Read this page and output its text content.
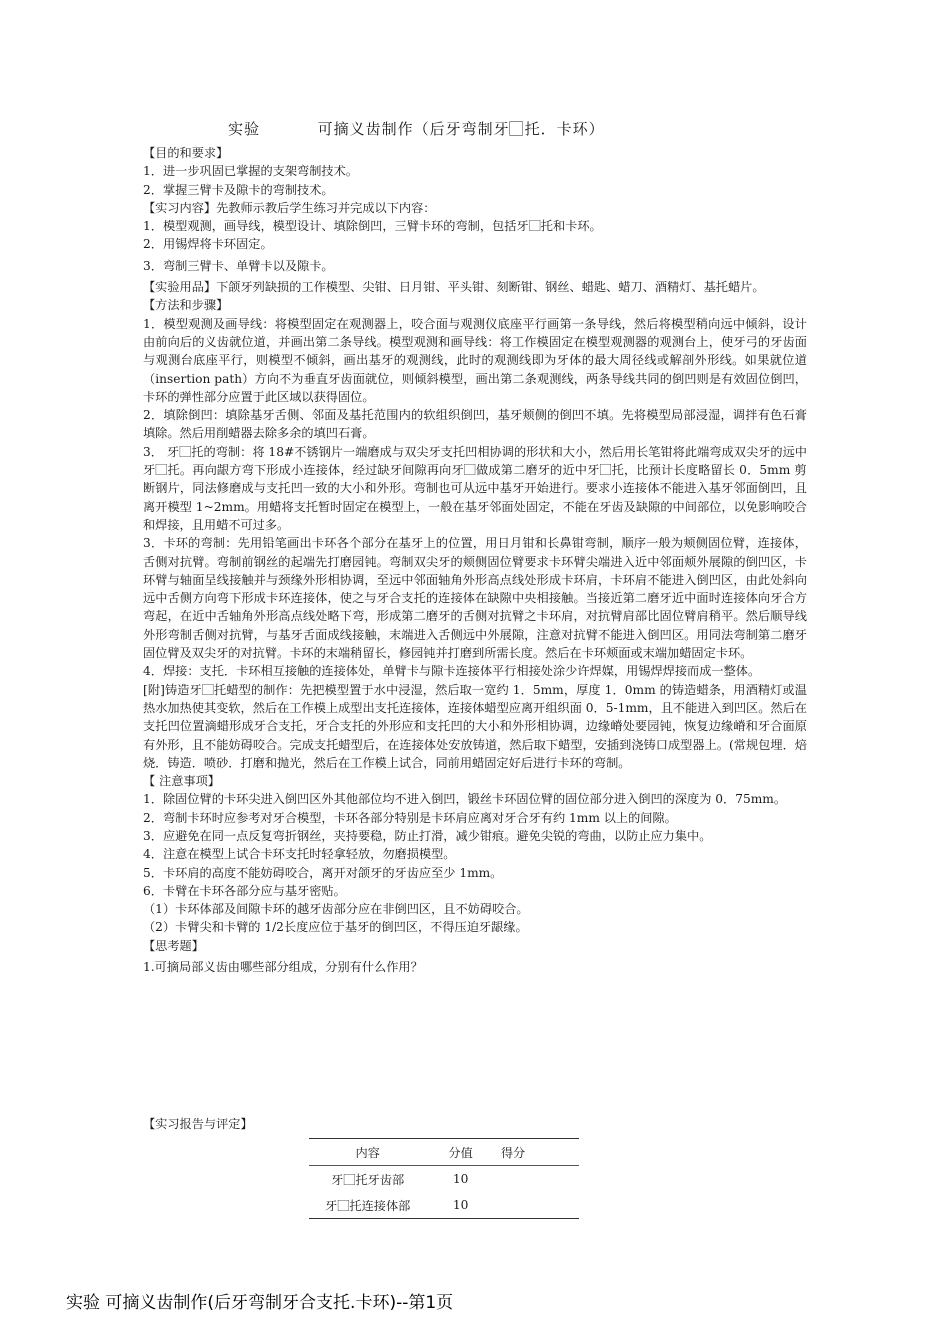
实验          可摘义齿制作（后牙弯制牙⃞托．卡环）

【目的和要求】

1．进一步巩固已掌握的支架弯制技术。

2．掌握三臂卡及隙卡的弯制技术。

【实习内容】先教师示教后学生练习并完成以下内容：

1．模型观测，画导线，模型设计、填除倒凹，三臂卡环的弯制，包括牙⃞托和卡环。

2．用锡焊将卡环固定。

3．弯制三臂卡、单臂卡以及隙卡。

【实验用品】下颌牙列缺损的工作模型、尖钳、日月钳、平头钳、刻断钳、钢丝、蜡匙、蜡刀、酒精灯、基托蜡片。

【方法和步骤】

1．模型观测及画导线：将模型固定在观测器上，咬合面与观测仪底座平行画第一条导线，然后将模型稍向远中倾斜，设计由前向后的义齿就位道，并画出第二条导线。模型观测和画导线：将工作模固定在模型观测器的观测台上，使牙弓的牙齿面与观测台底座平行，则模型不倾斜，画出基牙的观测线，此时的观测线即为牙体的最大周径线或解剖外形线。如果就位道（insertion path）方向不为垂直牙齿面就位，则倾斜模型，画出第二条观测线，两条导线共同的倒凹则是有效固位倒凹，卡环的弹性部分应置于此区域以获得固位。

2．填除倒凹：填除基牙舌侧、邻面及基托范围内的软组织倒凹，基牙颊侧的倒凹不填。先将模型局部浸湿，调拌有色石膏填除。然后用削蜡器去除多余的填凹石膏。

3． 牙⃞托的弯制：将 18#不锈钢片一端磨成与双尖牙支托凹相协调的形状和大小，然后用长笔钳将此端弯成双尖牙的远中牙⃞托。再向龈方弯下形成小连接体，经过缺牙间隙再向牙⃞做成第二磨牙的近中牙⃞托，比预计长度略留长 0．5mm 剪断钢片，同法修磨成与支托凹一致的大小和外形。弯制也可从远中基牙开始进行。要求小连接体不能进入基牙邻面倒凹，且离开模型 1~2mm。用蜡将支托暂时固定在模型上，一般在基牙邻面处固定，不能在牙齿及缺隙的中间部位，以免影响咬合和焊接，且用蜡不可过多。

3．卡环的弯制：先用铅笔画出卡环各个部分在基牙上的位置，用日月钳和长鼻钳弯制，顺序一般为颊侧固位臂，连接体，舌侧对抗臂。弯制前钢丝的起端先打磨园钝。弯制双尖牙的颊侧固位臂要求卡环臂尖端进入近中邻面颊外展隙的倒凹区，卡环臂与轴面呈线接触并与颈缘外形相协调，至远中邻面轴角外形高点线处形成卡环肩，卡环肩不能进入倒凹区，由此处斜向远中舌侧方向弯下形成卡环连接体，使之与牙合支托的连接体在缺隙中央相接触。当接近第二磨牙近中面时连接体向牙合方弯起，在近中舌轴角外形高点线处略下弯，形成第二磨牙的舌侧对抗臂之卡环肩，对抗臂肩部比固位臂肩稍平。然后顺导线外形弯制舌侧对抗臂，与基牙舌面成线接触，末端进入舌侧远中外展隙，注意对抗臂不能进入倒凹区。用同法弯制第二磨牙固位臂及双尖牙的对抗臂。卡环的末端稍留长，修园钝并打磨到所需长度。然后在卡环颊面或末端加蜡固定卡环。

4．焊接：支托．卡环相互接触的连接体处，单臂卡与隙卡连接体平行相接处涂少许焊媒，用锡焊焊接而成一整体。

[附]铸造牙⃞托蜡型的制作：先把模型置于水中浸湿，然后取一宽约 1．5mm，厚度 1．0mm 的铸造蜡条，用酒精灯或温热水加热使其变软，然后在工作模上成型出支托连接体，连接体蜡型应离开组织面 0．5-1mm，且不能进入到凹区。然后在支托凹位置滴蜡形成牙合支托，牙合支托的外形应和支托凹的大小和外形相协调，边缘嵴处要园钝，恢复边缘嵴和牙合面原有外形，且不能妨碍咬合。完成支托蜡型后，在连接体处安放铸道，然后取下蜡型，安插到浇铸口成型器上。(常规包埋．焙烧．铸造．喷砂．打磨和抛光，然后在工作模上试合，同前用蜡固定好后进行卡环的弯制。

【 注意事项】

1．除固位臂的卡环尖进入倒凹区外其他部位均不进入倒凹，锻丝卡环固位臂的固位部分进入倒凹的深度为 0．75mm。

2．弯制卡环时应参考对牙合模型，卡环各部分特别是卡环肩应离对牙合牙有约 1mm 以上的间隙。

3．应避免在同一点反复弯折钢丝，夹持要稳，防止打滑，减少钳痕。避免尖锐的弯曲，以防止应力集中。

4．注意在模型上试合卡环支托时轻拿轻放，勿磨损模型。

5．卡环肩的高度不能妨碍咬合，离开对颌牙的牙齿应至少 1mm。

6．卡臂在卡环各部分应与基牙密贴。

（1）卡环体部及间隙卡环的越牙齿部分应在非倒凹区，且不妨碍咬合。

（2）卡臂尖和卡臂的 1/2长度应位于基牙的倒凹区，不得压迫牙龈缘。

【思考题】

1.可摘局部义齿由哪些部分组成，分别有什么作用？

【实习报告与评定】
内容	分值	得分
牙⃞托牙齿部	10	
牙⃞托连接体部	10	
实验 可摘义齿制作(后牙弯制牙合支托.卡环)--第1页
